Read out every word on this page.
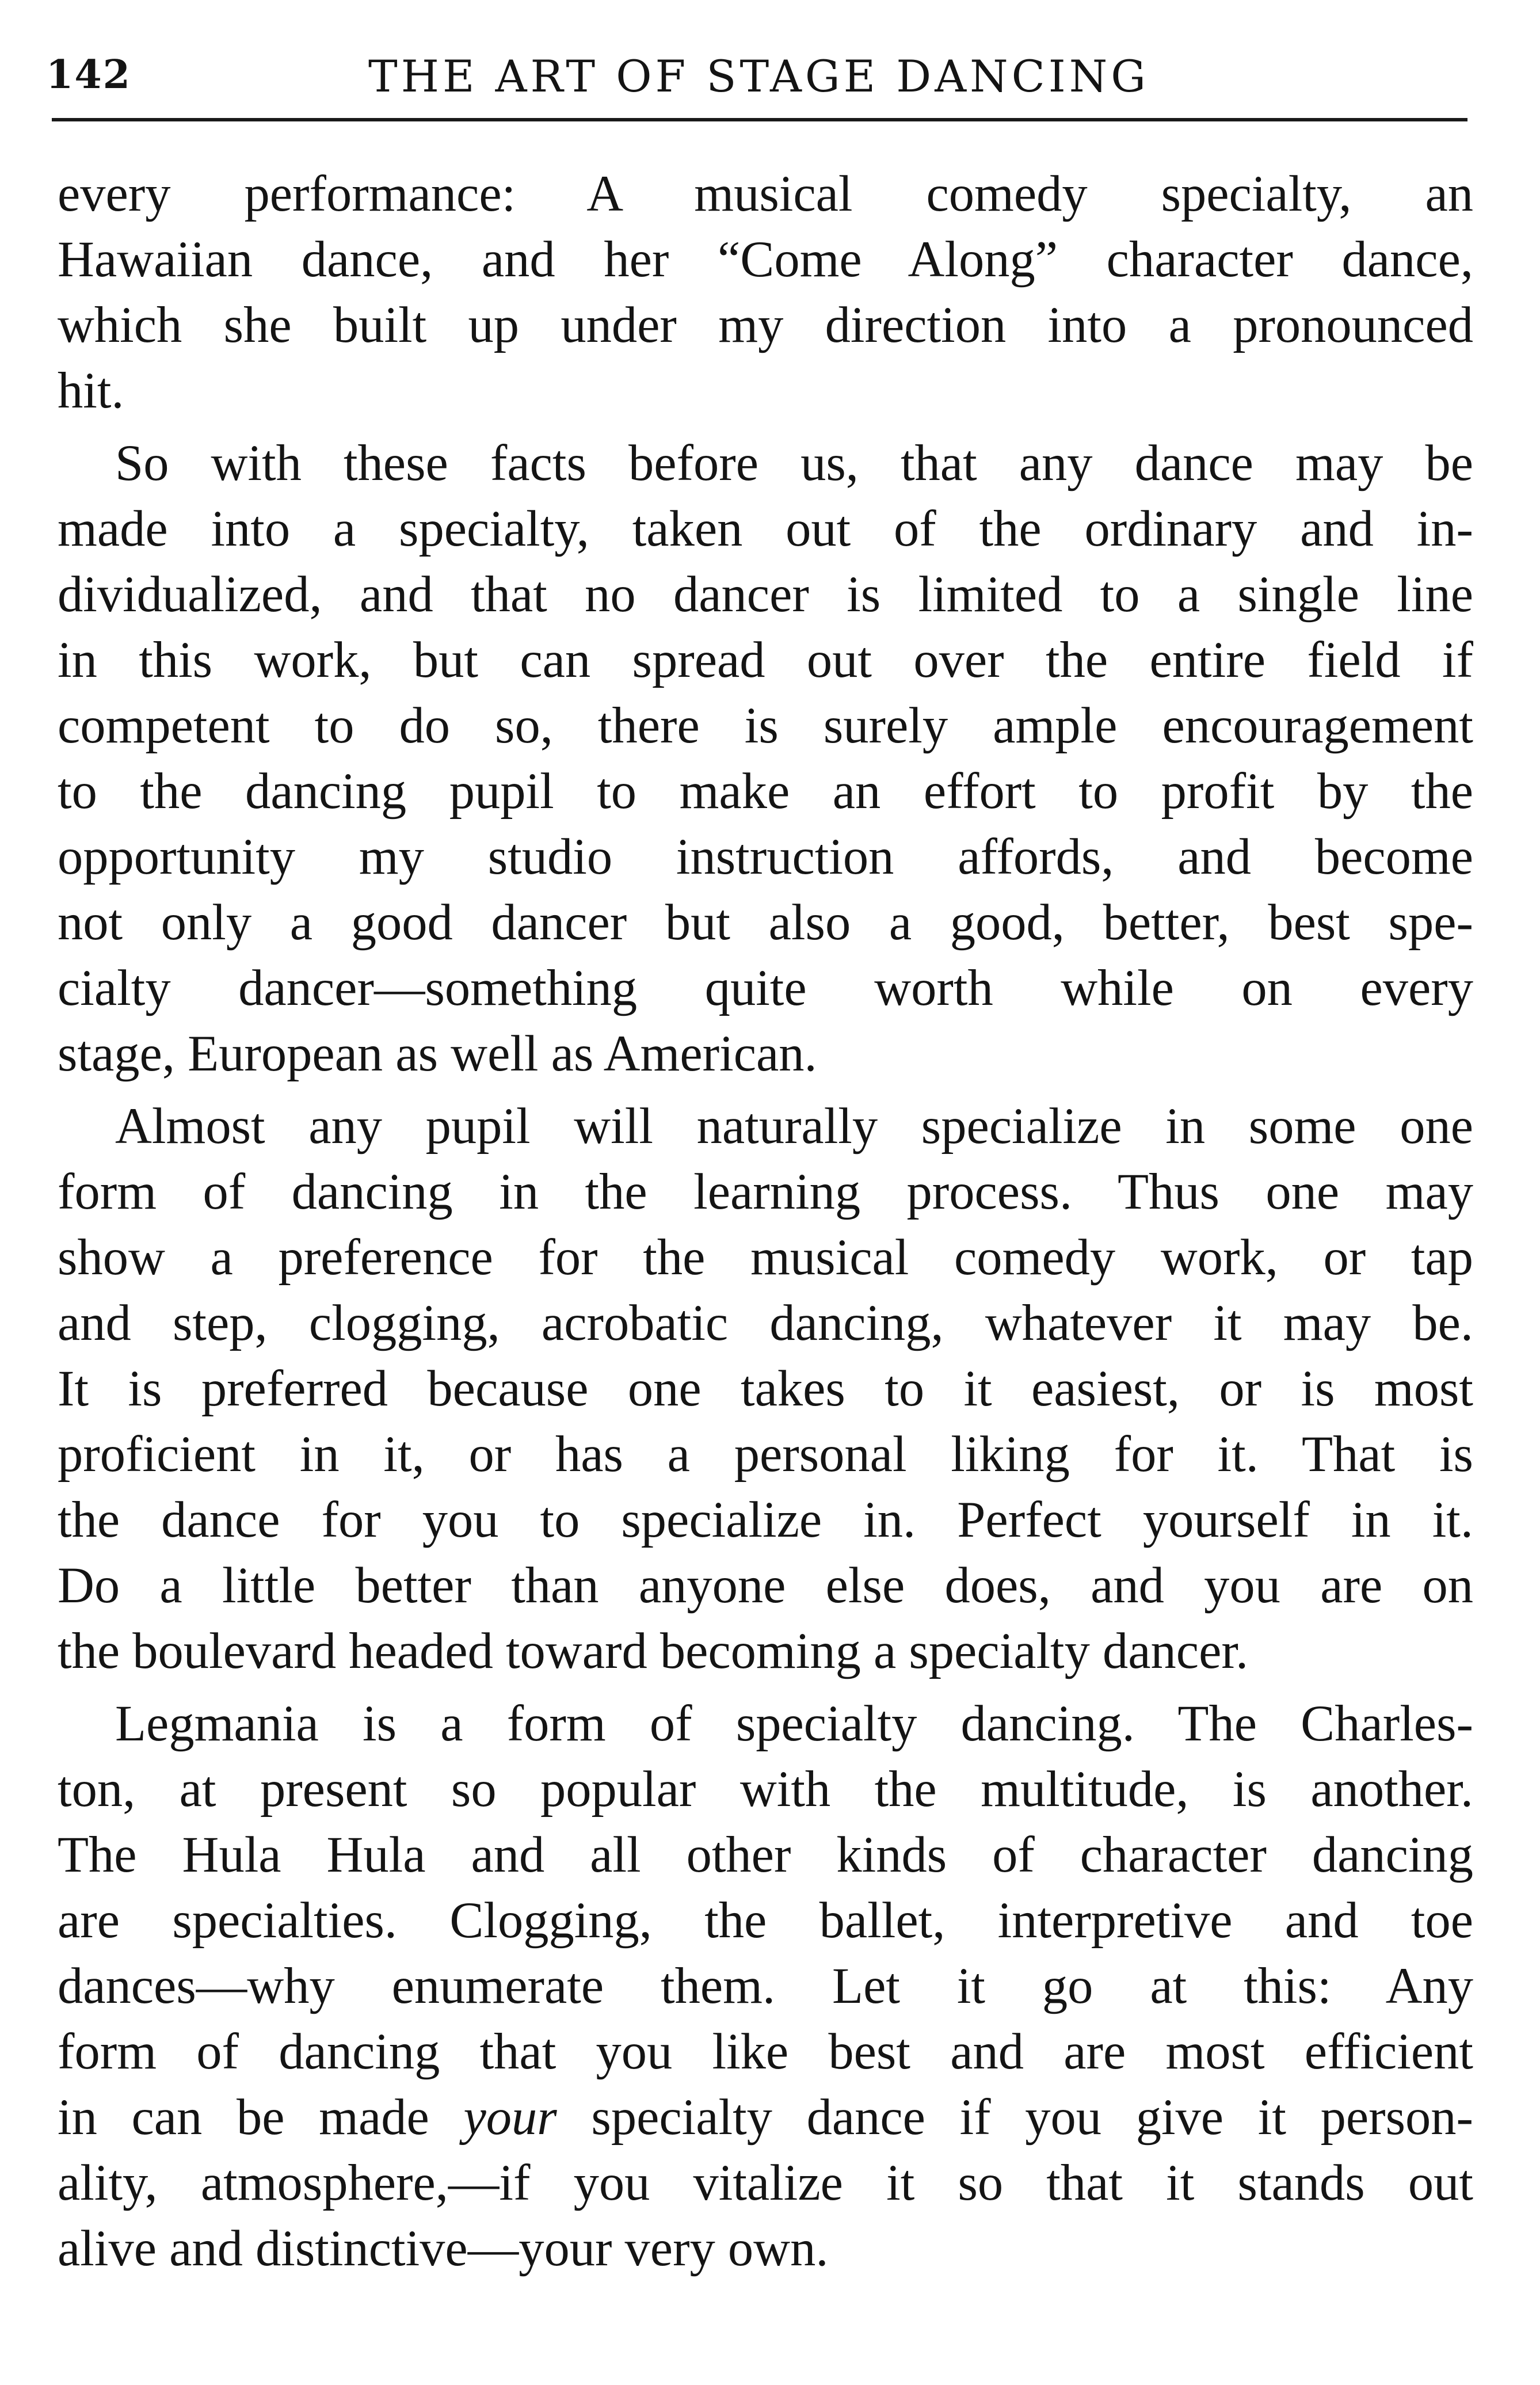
142	THE ART OF STAGE DANCING

every performance: A musical comedy specialty, an
Hawaiian dance, and her “Come Along” character dance,
which she built up under my direction into a pronounced
hit.

So with these facts before us, that any dance may be
made into a specialty, taken out of the ordinary and in-
dividualized, and that no dancer is limited to a single line
in this work, but can spread out over the entire field if
competent to do so, there is surely ample encouragement
to the dancing pupil to make an effort to profit by the
opportunity my studio instruction affords, and become
not only a good dancer but also a good, better, best spe-
cialty dancer—something quite worth while on every
stage, European as well as American.

Almost any pupil will naturally specialize in some one
form of dancing in the learning process. Thus one may
show a preference for the musical comedy work, or tap
and step, clogging, acrobatic dancing, whatever it may be.
It is preferred because one takes to it easiest, or is most
proficient in it, or has a personal liking for it. That is
the dance for you to specialize in. Perfect yourself in it.
Do a little better than anyone else does, and you are on
the boulevard headed toward becoming a specialty dancer.

Legmania is a form of specialty dancing. The Charles-
ton, at present so popular with the multitude, is another.
The Hula Hula and all other kinds of character dancing
are specialties. Clogging, the ballet, interpretive and toe
dances—why enumerate them. Let it go at this: Any
form of dancing that you like best and are most efficient
in can be made your specialty dance if you give it person-
ality, atmosphere,—if you vitalize it so that it stands out
alive and distinctive—your very own.
